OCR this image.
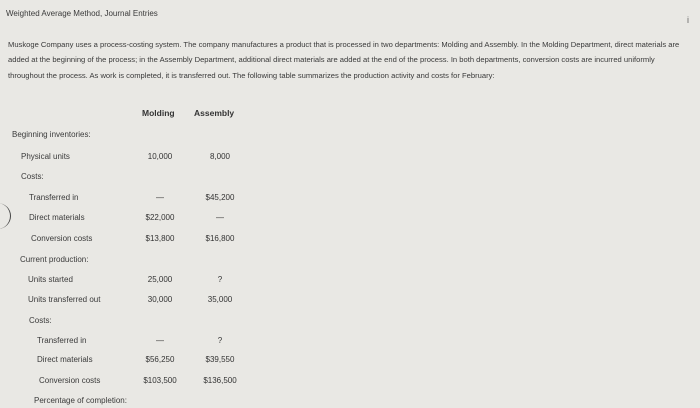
Weighted Average Method, Journal Entries
i
Muskoge Company uses a process-costing system. The company manufactures a product that is processed in two departments: Molding and Assembly. In the Molding Department, direct materials are added at the beginning of the process; in the Assembly Department, additional direct materials are added at the end of the process. In both departments, conversion costs are incurred uniformly throughout the process. As work is completed, it is transferred out. The following table summarizes the production activity and costs for February:
Molding Assembly
Beginning inventories:
Physical units	10,000	8,000
Costs:
Transferred in	—	$45,200
Direct materials	$22,000	—
Conversion costs	$13,800	$16,800
Current production:
Units started	25,000	?
Units transferred out	30,000	35,000
Costs:
Transferred in	—	?
Direct materials	$56,250	$39,550
Conversion costs	$103,500	$136,500
Percentage of completion:
